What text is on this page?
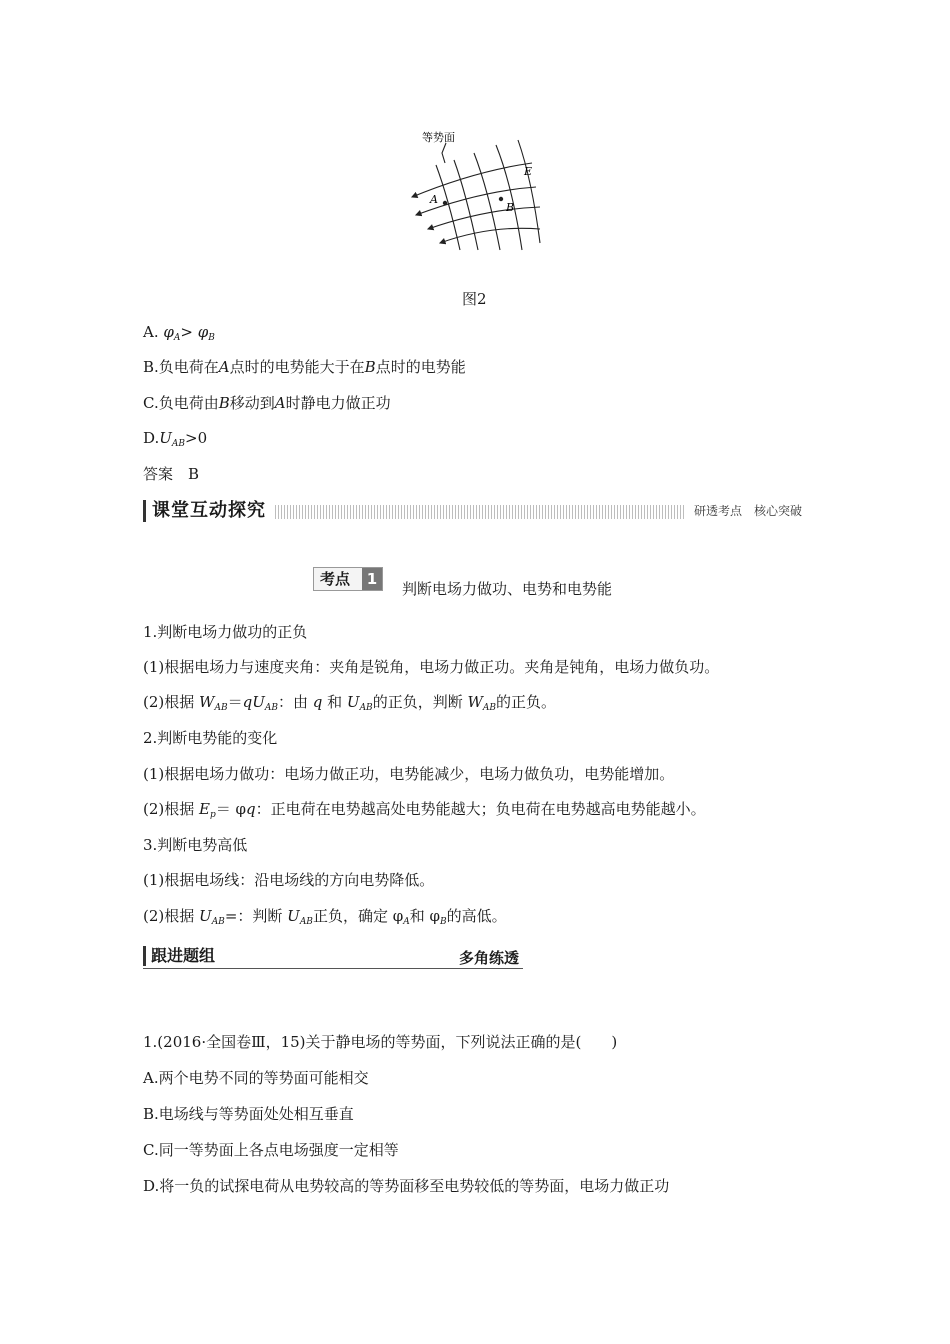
等势面
E
A
B
图2
A. $\varphi_A> \varphi_B$
B.负电荷在A点时的电势能大于在B点时的电势能
C.负电荷由B移动到A时静电力做正功
$D.U_{AB}>0$
答案　B
课堂互动探究	研透考点　核心突破
考点	1
判断电场力做功、电势和电势能
1.判断电场力做功的正负
(1)根据电场力与速度夹角：夹角是锐角，电场力做正功。夹角是钝角，电场力做负功。
(2)根据 $W_{AB}=qU_{AB}$：由 q 和 $U_{AB}$的正负，判断 $W_{AB}$的正负。
2.判断电势能的变化
(1)根据电场力做功：电场力做正功，电势能减少，电场力做负功，电势能增加。
(2)根据 $E_p= \varphi q$：正电荷在电势越高处电势能越大；负电荷在电势越高电势能越小。
3.判断电势高低
(1)根据电场线：沿电场线的方向电势降低。
(2)根据 $U_{AB}=$：判断 $U_{AB}$正负，确定 $\varphi_A$和 $\varphi_B$的高低。
跟进题组	多角练透
1.(2016·全国卷Ⅲ，15)关于静电场的等势面，下列说法正确的是(　　)
A.两个电势不同的等势面可能相交
B.电场线与等势面处处相互垂直
C.同一等势面上各点电场强度一定相等
D.将一负的试探电荷从电势较高的等势面移至电势较低的等势面，电场力做正功
